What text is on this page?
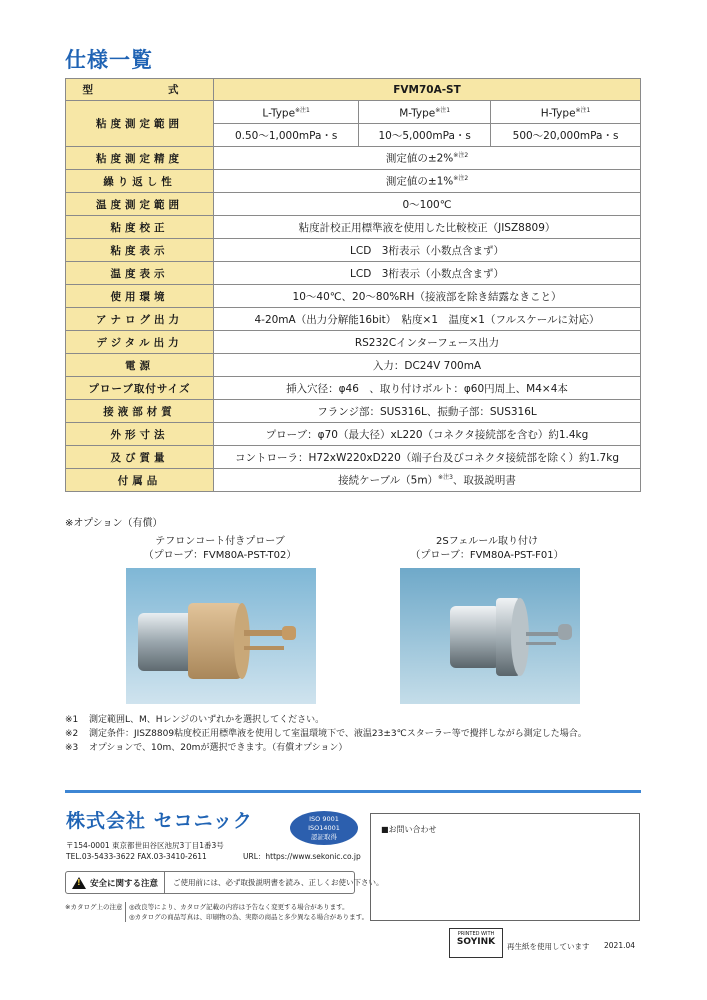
仕様一覧
型　　式	FVM70A-ST		
粘度測定範囲	L-Type$^{※注1}$	M-Type$^{※注1}$	H-Type$^{※注1}$
	0.50～1,000mPa・s	10～5,000mPa・s	500～20,000mPa・s
粘度測定精度	測定値の±2%$^{※注2}$
繰り返し性	測定値の±1%$^{※注2}$
温度測定範囲	0～100℃		
粘度校正	粘度計校正用標準液を使用した比較校正（JISZ8809）		
粘度表示	LCD　3桁表示（小数点含まず）		
温度表示	LCD　3桁表示（小数点含まず）		
使用環境	10～40℃、20～80%RH（接液部を除き結露なきこと）		
アナログ出力	4-20mA（出力分解能16bit）　粘度×1　温度×1（フルスケールに対応）		
デジタル出力	RS232Cインターフェース出力		
電源	入力：DC24V 700mA		
プローブ取付サイズ	挿入穴径：φ46　、取り付けボルト：φ60円周上、M4×4本		
接液部材質	フランジ部：SUS316L、振動子部：SUS316L		
外形寸法	プローブ：φ70（最大径）xL220（コネクタ接続部を含む）約1.4kg		
及び質量	コントローラ：H72xW220xD220（端子台及びコネクタ接続部を除く）約1.7kg		
付属品	接続ケーブル$(5m)^{※注3}$、取扱説明書		
※オプション（有償）
テフロンコート付きプローブ
（プローブ：FVM80A-PST-T02）
2Sフェルール取り付け
（プローブ：FVM80A-PST-F01）
※1 測定範囲L、M、Hレンジのいずれかを選択してください。
※2 測定条件：JISZ8809粘度校正用標準液を使用して室温環境下で、液温23±3℃スターラー等で攪拌しながら測定した場合。
※3 オプションで、10m、20mが選択できます。（有償オプション）
株式会社 セコニック	ISO 9001
ISO14001
認証取得
〒154-0001 東京都世田谷区池尻3丁目1番3号
TEL.03-5433-3622 FAX.03-3410-2611	URL：https://www.sekonic.co.jp
!
安全に関する注意	ご使用前には、必ず取扱説明書を読み、正しくお使い下さい。
※カタログ上の注意 ◎改良等により、カタログ記載の内容は予告なく変更する場合があります。
◎カタログの商品写真は、印刷物の為、実際の商品と多少異なる場合があります。
■お問い合わせ
PRINTED WITH
SOYINK	再生紙を使用しています 2021.04
